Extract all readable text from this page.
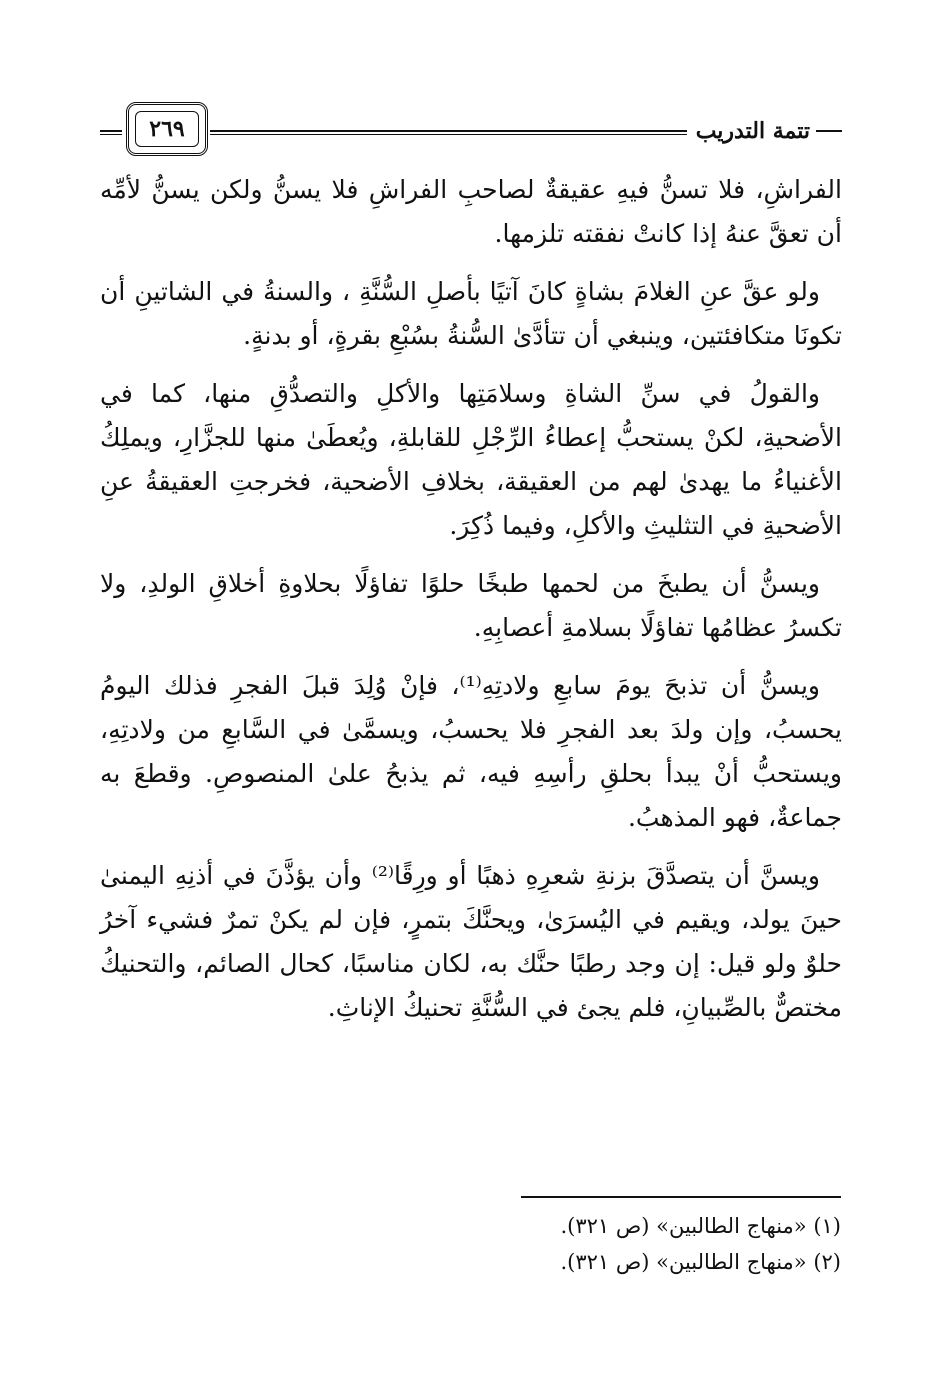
تتمة التدريب
٢٦٩

الفراشِ، فلا تسنُّ فيهِ عقيقةٌ لصاحبِ الفراشِ فلا يسنُّ ولكن يسنُّ لأمِّه أن تعقَّ عنهُ إذا كانتْ نفقته تلزمها.

ولو عقَّ عنِ الغلامَ بشاةٍ كانَ آتيًا بأصلِ السُّنَّةِ ، والسنةُ في الشاتينِ أن تكونَا متكافئتين، وينبغي أن تتأدَّىٰ السُّنةُ بسُبْعِ بقرةٍ، أو بدنةٍ.

والقولُ في سنِّ الشاةِ وسلامَتِها والأكلِ والتصدُّقِ منها، كما في الأضحيةِ، لكنْ يستحبُّ إعطاءُ الرِّجْلِ للقابلةِ، ويُعطَىٰ منها للجزَّارِ، ويملِكُ الأغنياءُ ما يهدىٰ لهم من العقيقة، بخلافِ الأضحية، فخرجتِ العقيقةُ عنِ الأضحيةِ في التثليثِ والأكلِ، وفيما ذُكِرَ.

ويسنُّ أن يطبخَ من لحمها طبخًا حلوًا تفاؤلًا بحلاوةِ أخلاقِ الولدِ، ولا تكسرُ عظامُها تفاؤلًا بسلامةِ أعصابِهِ.

ويسنُّ أن تذبحَ يومَ سابعِ ولادتِهِ⁽¹⁾، فإنْ وُلِدَ قبلَ الفجرِ فذلك اليومُ يحسبُ، وإن ولدَ بعد الفجرِ فلا يحسبُ، ويسمَّىٰ في السَّابعِ من ولادتِهِ، ويستحبُّ أنْ يبدأ بحلقِ رأسِهِ فيه، ثم يذبحُ علىٰ المنصوصِ. وقطعَ به جماعةٌ، فهو المذهبُ.

ويسنَّ أن يتصدَّقَ بزنةِ شعرِهِ ذهبًا أو ورِقًا⁽²⁾ وأن يؤذَّنَ في أذنِهِ اليمنىٰ حينَ يولد، ويقيم في اليُسرَىٰ، ويحنَّكَ بتمرٍ، فإن لم يكنْ تمرٌ فشيء آخرُ حلوٌ ولو قيل: إن وجد رطبًا حنَّك به، لكان مناسبًا، كحال الصائم، والتحنيكُ مختصٌّ بالصِّبيانِ، فلم يجئ في السُّنَّةِ تحنيكُ الإناثِ.

(١) «منهاج الطالبين» (ص ٣٢١).

(٢) «منهاج الطالبين» (ص ٣٢١).
